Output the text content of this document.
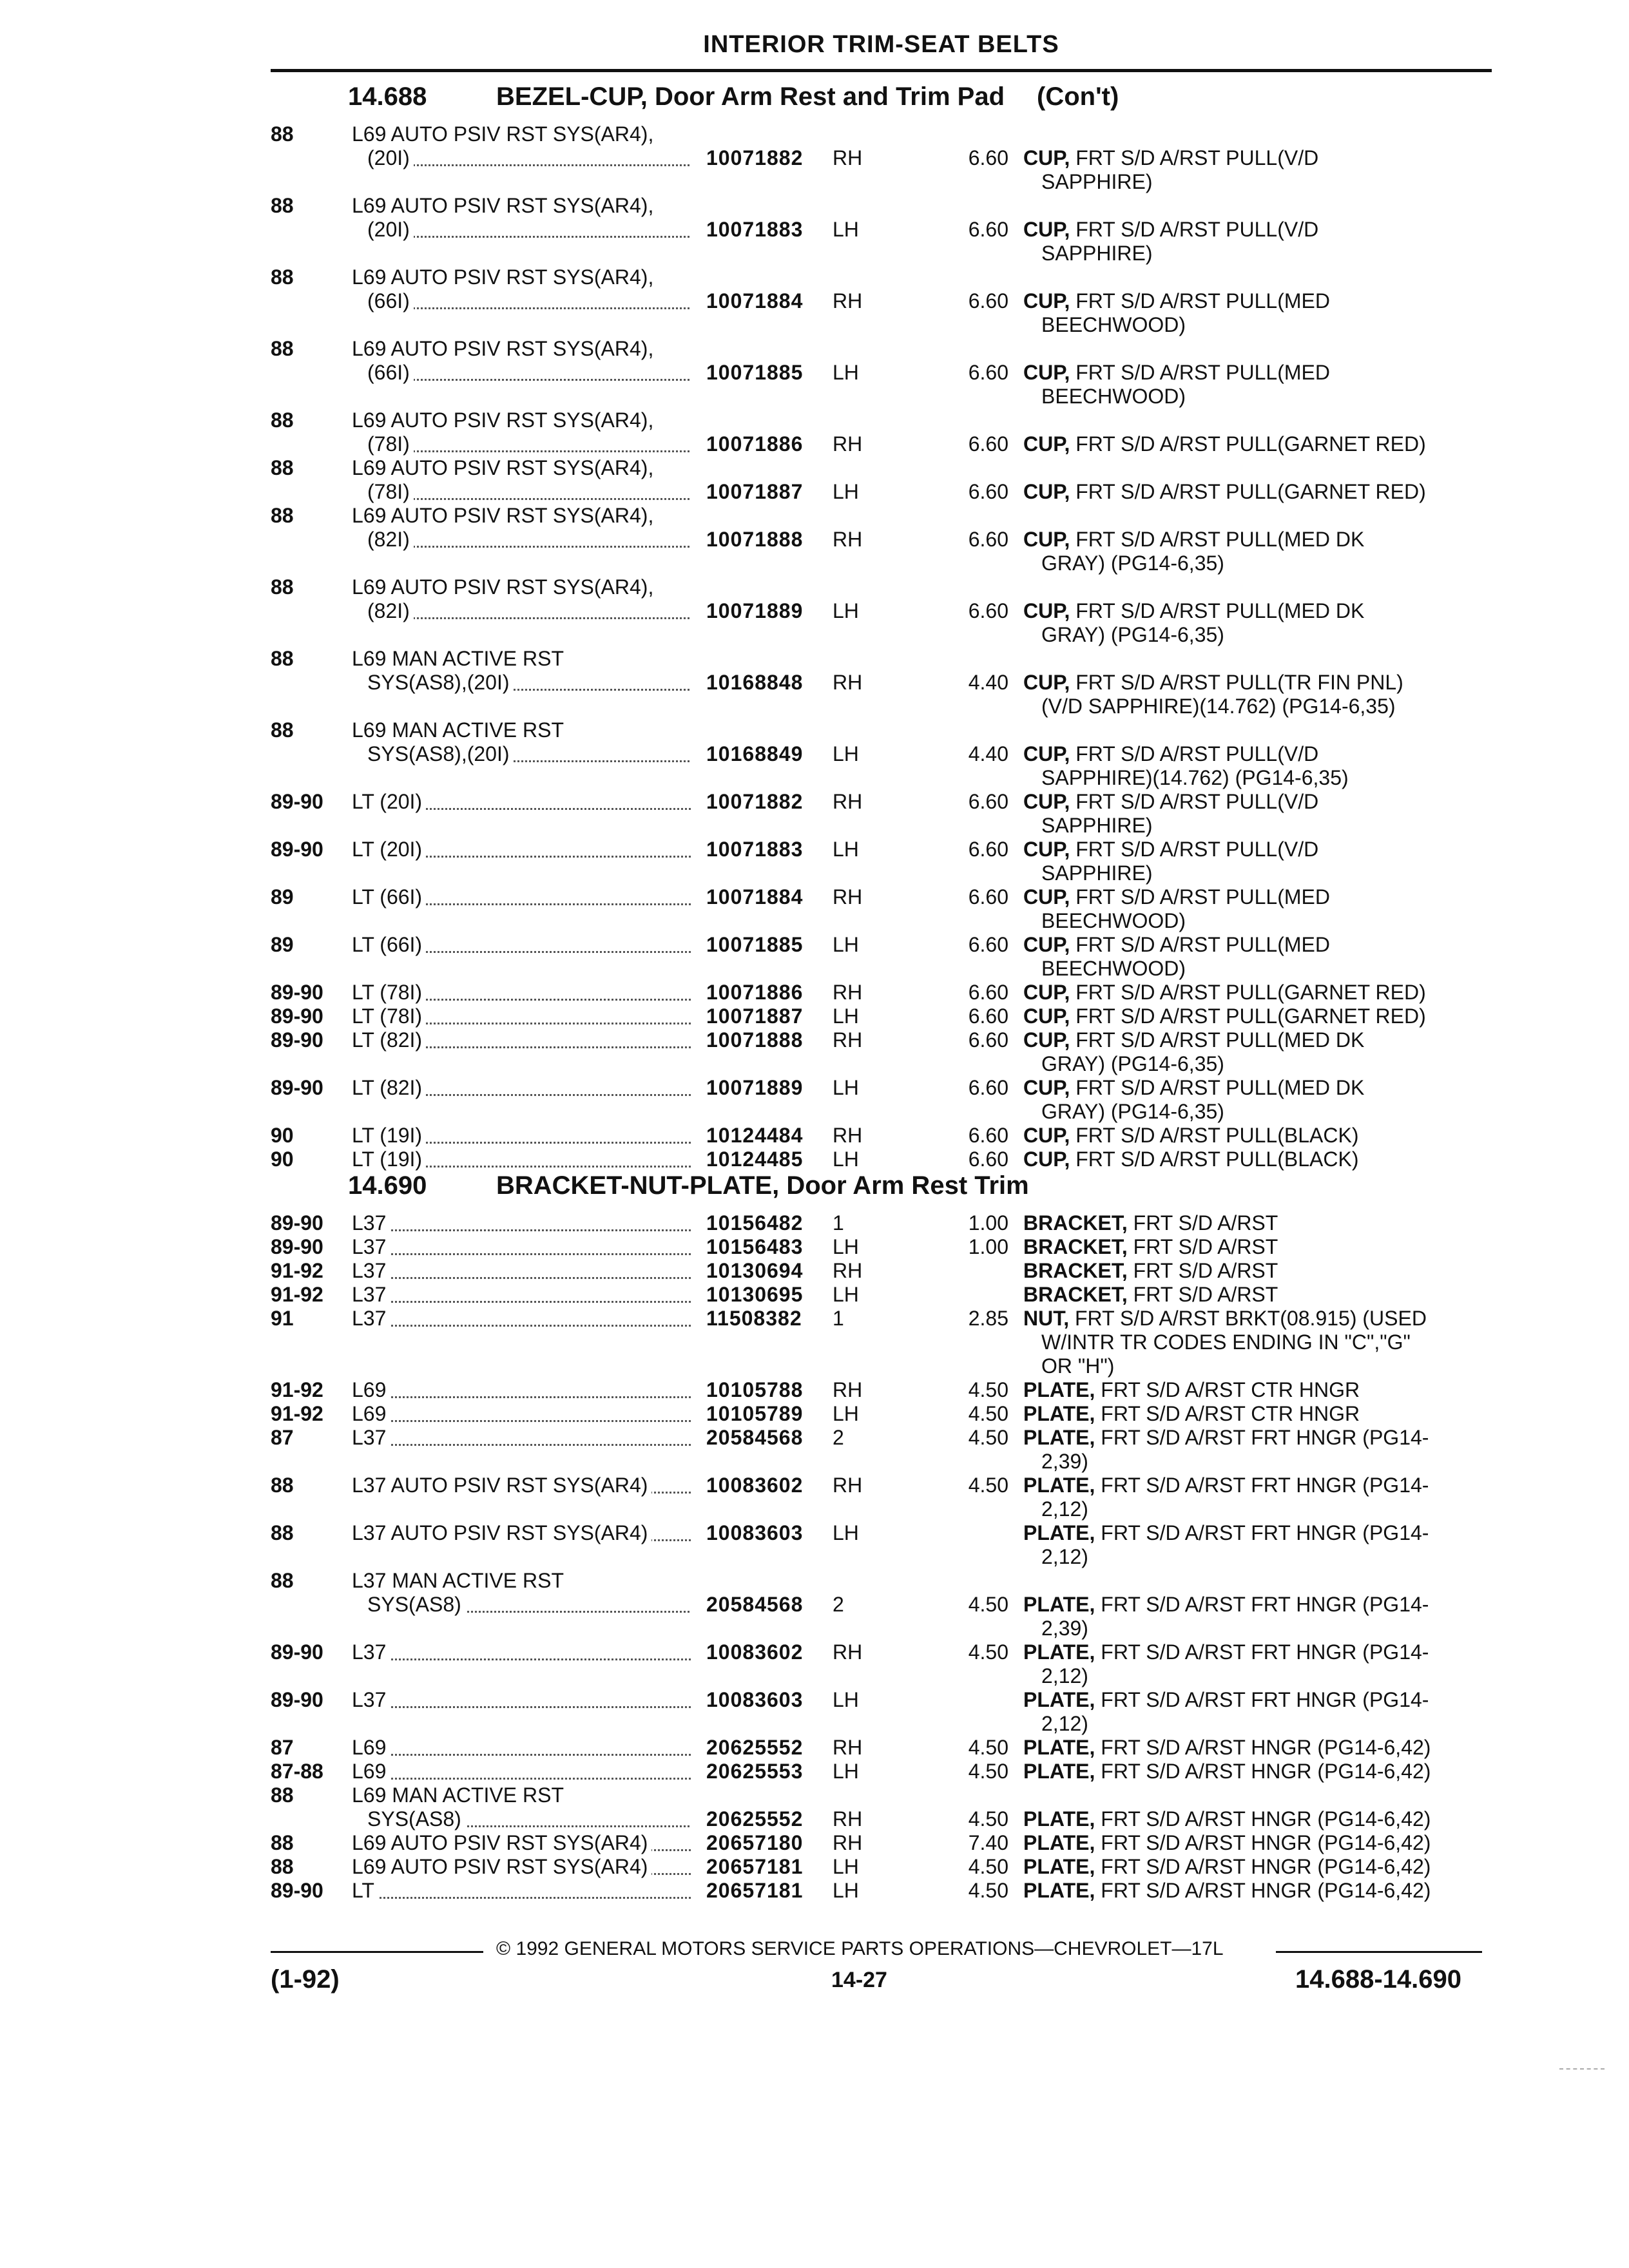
INTERIOR TRIM-SEAT BELTS
14.688	BEZEL-CUP, Door Arm Rest and Trim Pad (Con't)
88	L69 AUTO PSIV RST SYS(AR4),
(20I)	10071882 RH	6.60 CUP, FRT S/D A/RST PULL(V/D
SAPPHIRE)
88	L69 AUTO PSIV RST SYS(AR4),
(20I)	10071883 LH	6.60 CUP, FRT S/D A/RST PULL(V/D
SAPPHIRE)
88	L69 AUTO PSIV RST SYS(AR4),
(66I)	10071884 RH	6.60 CUP, FRT S/D A/RST PULL(MED
BEECHWOOD)
88	L69 AUTO PSIV RST SYS(AR4),
(66I)	10071885 LH	6.60 CUP, FRT S/D A/RST PULL(MED
BEECHWOOD)
88	L69 AUTO PSIV RST SYS(AR4),
(78I)	10071886 RH	6.60 CUP, FRT S/D A/RST PULL(GARNET RED)
88	L69 AUTO PSIV RST SYS(AR4),
(78I)	10071887 LH	6.60 CUP, FRT S/D A/RST PULL(GARNET RED)
88	L69 AUTO PSIV RST SYS(AR4),
(82I)	10071888 RH	6.60 CUP, FRT S/D A/RST PULL(MED DK
GRAY) (PG14-6,35)
88	L69 AUTO PSIV RST SYS(AR4),
(82I)	10071889 LH	6.60 CUP, FRT S/D A/RST PULL(MED DK
GRAY) (PG14-6,35)
88	L69 MAN ACTIVE RST
SYS(AS8),(20I)	10168848 RH	4.40 CUP, FRT S/D A/RST PULL(TR FIN PNL)
(V/D SAPPHIRE)(14.762) (PG14-6,35)
88	L69 MAN ACTIVE RST
SYS(AS8),(20I)	10168849 LH	4.40 CUP, FRT S/D A/RST PULL(V/D
SAPPHIRE)(14.762) (PG14-6,35)
89-90 LT (20I)	10071882 RH	6.60 CUP, FRT S/D A/RST PULL(V/D
SAPPHIRE)
89-90 LT (20I)	10071883 LH	6.60 CUP, FRT S/D A/RST PULL(V/D
SAPPHIRE)
89	LT (66I)	10071884 RH	6.60 CUP, FRT S/D A/RST PULL(MED
BEECHWOOD)
89	LT (66I)	10071885 LH	6.60 CUP, FRT S/D A/RST PULL(MED
BEECHWOOD)
89-90 LT (78I)	10071886 RH	6.60 CUP, FRT S/D A/RST PULL(GARNET RED)
89-90 LT (78I)	10071887 LH	6.60 CUP, FRT S/D A/RST PULL(GARNET RED)
89-90 LT (82I)	10071888 RH	6.60 CUP, FRT S/D A/RST PULL(MED DK
GRAY) (PG14-6,35)
89-90 LT (82I)	10071889 LH	6.60 CUP, FRT S/D A/RST PULL(MED DK
GRAY) (PG14-6,35)
90	LT (19I)	10124484 RH	6.60 CUP, FRT S/D A/RST PULL(BLACK)
90	LT (19I)	10124485 LH	6.60 CUP, FRT S/D A/RST PULL(BLACK)
14.690	BRACKET-NUT-PLATE, Door Arm Rest Trim
89-90 L37	10156482 1	1.00 BRACKET, FRT S/D A/RST
89-90 L37	10156483 LH	1.00 BRACKET, FRT S/D A/RST
91-92 L37	10130694 RH	BRACKET, FRT S/D A/RST
91-92 L37	10130695 LH	BRACKET, FRT S/D A/RST
91	L37	11508382 1	2.85 NUT, FRT S/D A/RST BRKT(08.915) (USED
W/INTR TR CODES ENDING IN "C","G"
OR "H")
91-92 L69	10105788 RH	4.50 PLATE, FRT S/D A/RST CTR HNGR
91-92 L69	10105789 LH	4.50 PLATE, FRT S/D A/RST CTR HNGR
87	L37	20584568 2	4.50 PLATE, FRT S/D A/RST FRT HNGR (PG14-
2,39)
88	L37 AUTO PSIV RST SYS(AR4)	10083602 RH	4.50 PLATE, FRT S/D A/RST FRT HNGR (PG14-
2,12)
88	L37 AUTO PSIV RST SYS(AR4)	10083603 LH	PLATE, FRT S/D A/RST FRT HNGR (PG14-
2,12)
88	L37 MAN ACTIVE RST
SYS(AS8)	20584568 2	4.50 PLATE, FRT S/D A/RST FRT HNGR (PG14-
2,39)
89-90 L37	10083602 RH	4.50 PLATE, FRT S/D A/RST FRT HNGR (PG14-
2,12)
89-90 L37	10083603 LH	PLATE, FRT S/D A/RST FRT HNGR (PG14-
2,12)
87	L69	20625552 RH	4.50 PLATE, FRT S/D A/RST HNGR (PG14-6,42)
87-88 L69	20625553 LH	4.50 PLATE, FRT S/D A/RST HNGR (PG14-6,42)
88	L69 MAN ACTIVE RST
SYS(AS8)	20625552 RH	4.50 PLATE, FRT S/D A/RST HNGR (PG14-6,42)
88	L69 AUTO PSIV RST SYS(AR4)	20657180 RH	7.40 PLATE, FRT S/D A/RST HNGR (PG14-6,42)
88	L69 AUTO PSIV RST SYS(AR4)	20657181 LH	4.50 PLATE, FRT S/D A/RST HNGR (PG14-6,42)
89-90 LT	20657181 LH	4.50 PLATE, FRT S/D A/RST HNGR (PG14-6,42)
© 1992 GENERAL MOTORS SERVICE PARTS OPERATIONS—CHEVROLET—17L
(1-92)	14-27	14.688-14.690
